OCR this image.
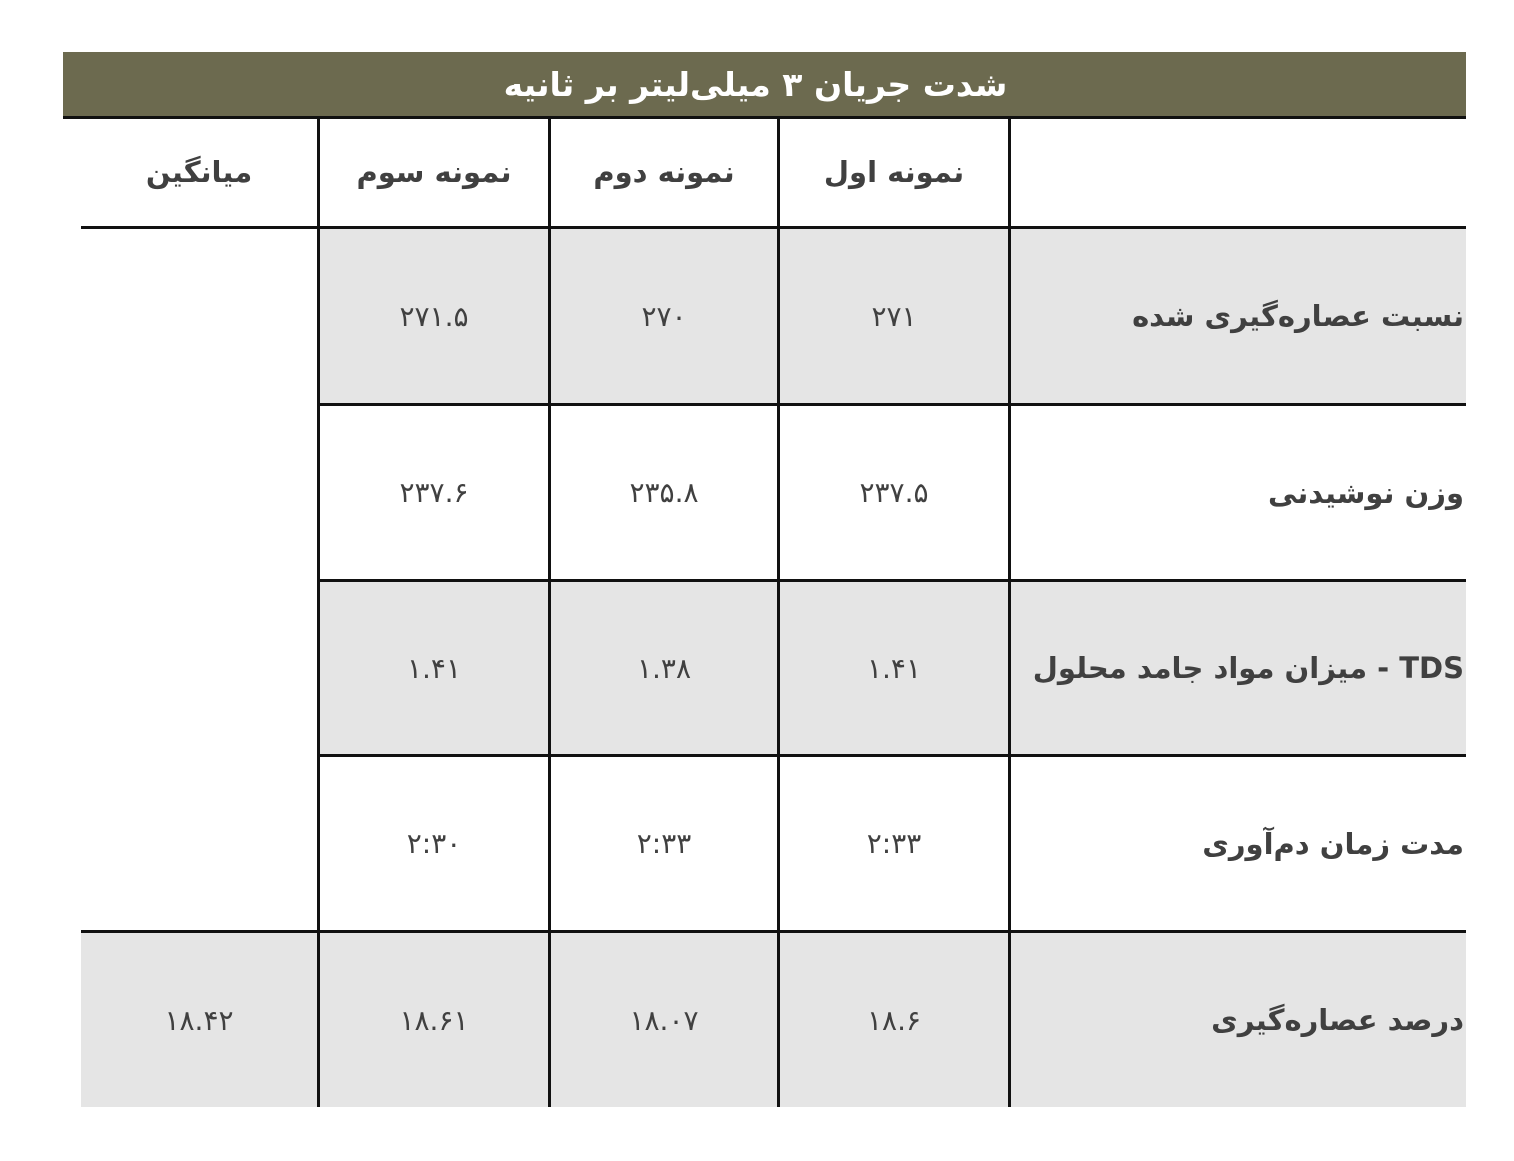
شدت جریان ۳ میلی‌لیتر بر ثانیه
نمونه اول
نمونه دوم
نمونه سوم
میانگین
نسبت عصاره‌گیری شده
۲۷۱
۲۷۰
۲۷۱.۵
وزن نوشیدنی
۲۳۷.۵
۲۳۵.۸
۲۳۷.۶
میزان مواد جامد محلول - TDS
۱.۴۱
۱.۳۸
۱.۴۱
مدت زمان دم‌آوری
۲:۳۳
۲:۳۳
۲:۳۰
درصد عصاره‌گیری
۱۸.۶
۱۸.۰۷
۱۸.۶۱
۱۸.۴۲
